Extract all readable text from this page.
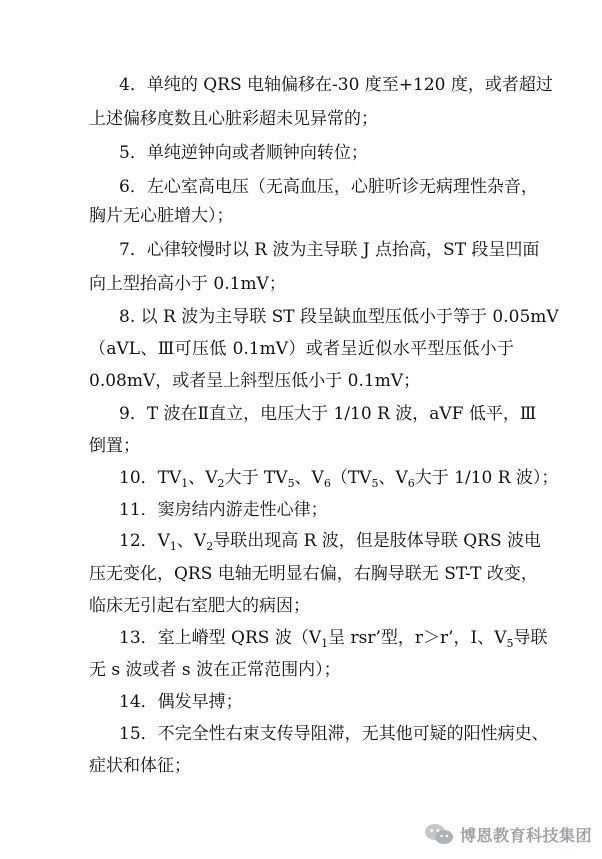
4．单纯的 QRS 电轴偏移在-30 度至+120 度，或者超过
上述偏移度数且心脏彩超未见异常的；
5．单纯逆钟向或者顺钟向转位；
6．左心室高电压（无高血压，心脏听诊无病理性杂音，
胸片无心脏增大）；
7．心律较慢时以 R 波为主导联 J 点抬高，ST 段呈凹面
向上型抬高小于 0.1mV；
8. 以 R 波为主导联 ST 段呈缺血型压低小于等于 0.05mV
（aVL、Ⅲ可压低 0.1mV）或者呈近似水平型压低小于
0.08mV，或者呈上斜型压低小于 0.1mV；
9．T 波在Ⅱ直立，电压大于 1/10 R 波，aVF 低平，Ⅲ
倒置；
10．$TV_1$、$V_2$大于 $TV_5$、$V_6(TV_5$、$V_6$大于 1/10 R 波）；
11．窦房结内游走性心律；
12．$V_1$、$V_2$导联出现高 R 波，但是肢体导联 QRS 波电
压无变化，QRS 电轴无明显右偏，右胸导联无 ST-T 改变，
临床无引起右室肥大的病因；
13．室上嵴型 QRS 波（$V_1$呈 rsr’型，r＞r’，I、$V_5$导联
无 s 波或者 s 波在正常范围内）；
14．偶发早搏；
15．不完全性右束支传导阻滞，无其他可疑的阳性病史、
症状和体征；
博恩教育科技集团
